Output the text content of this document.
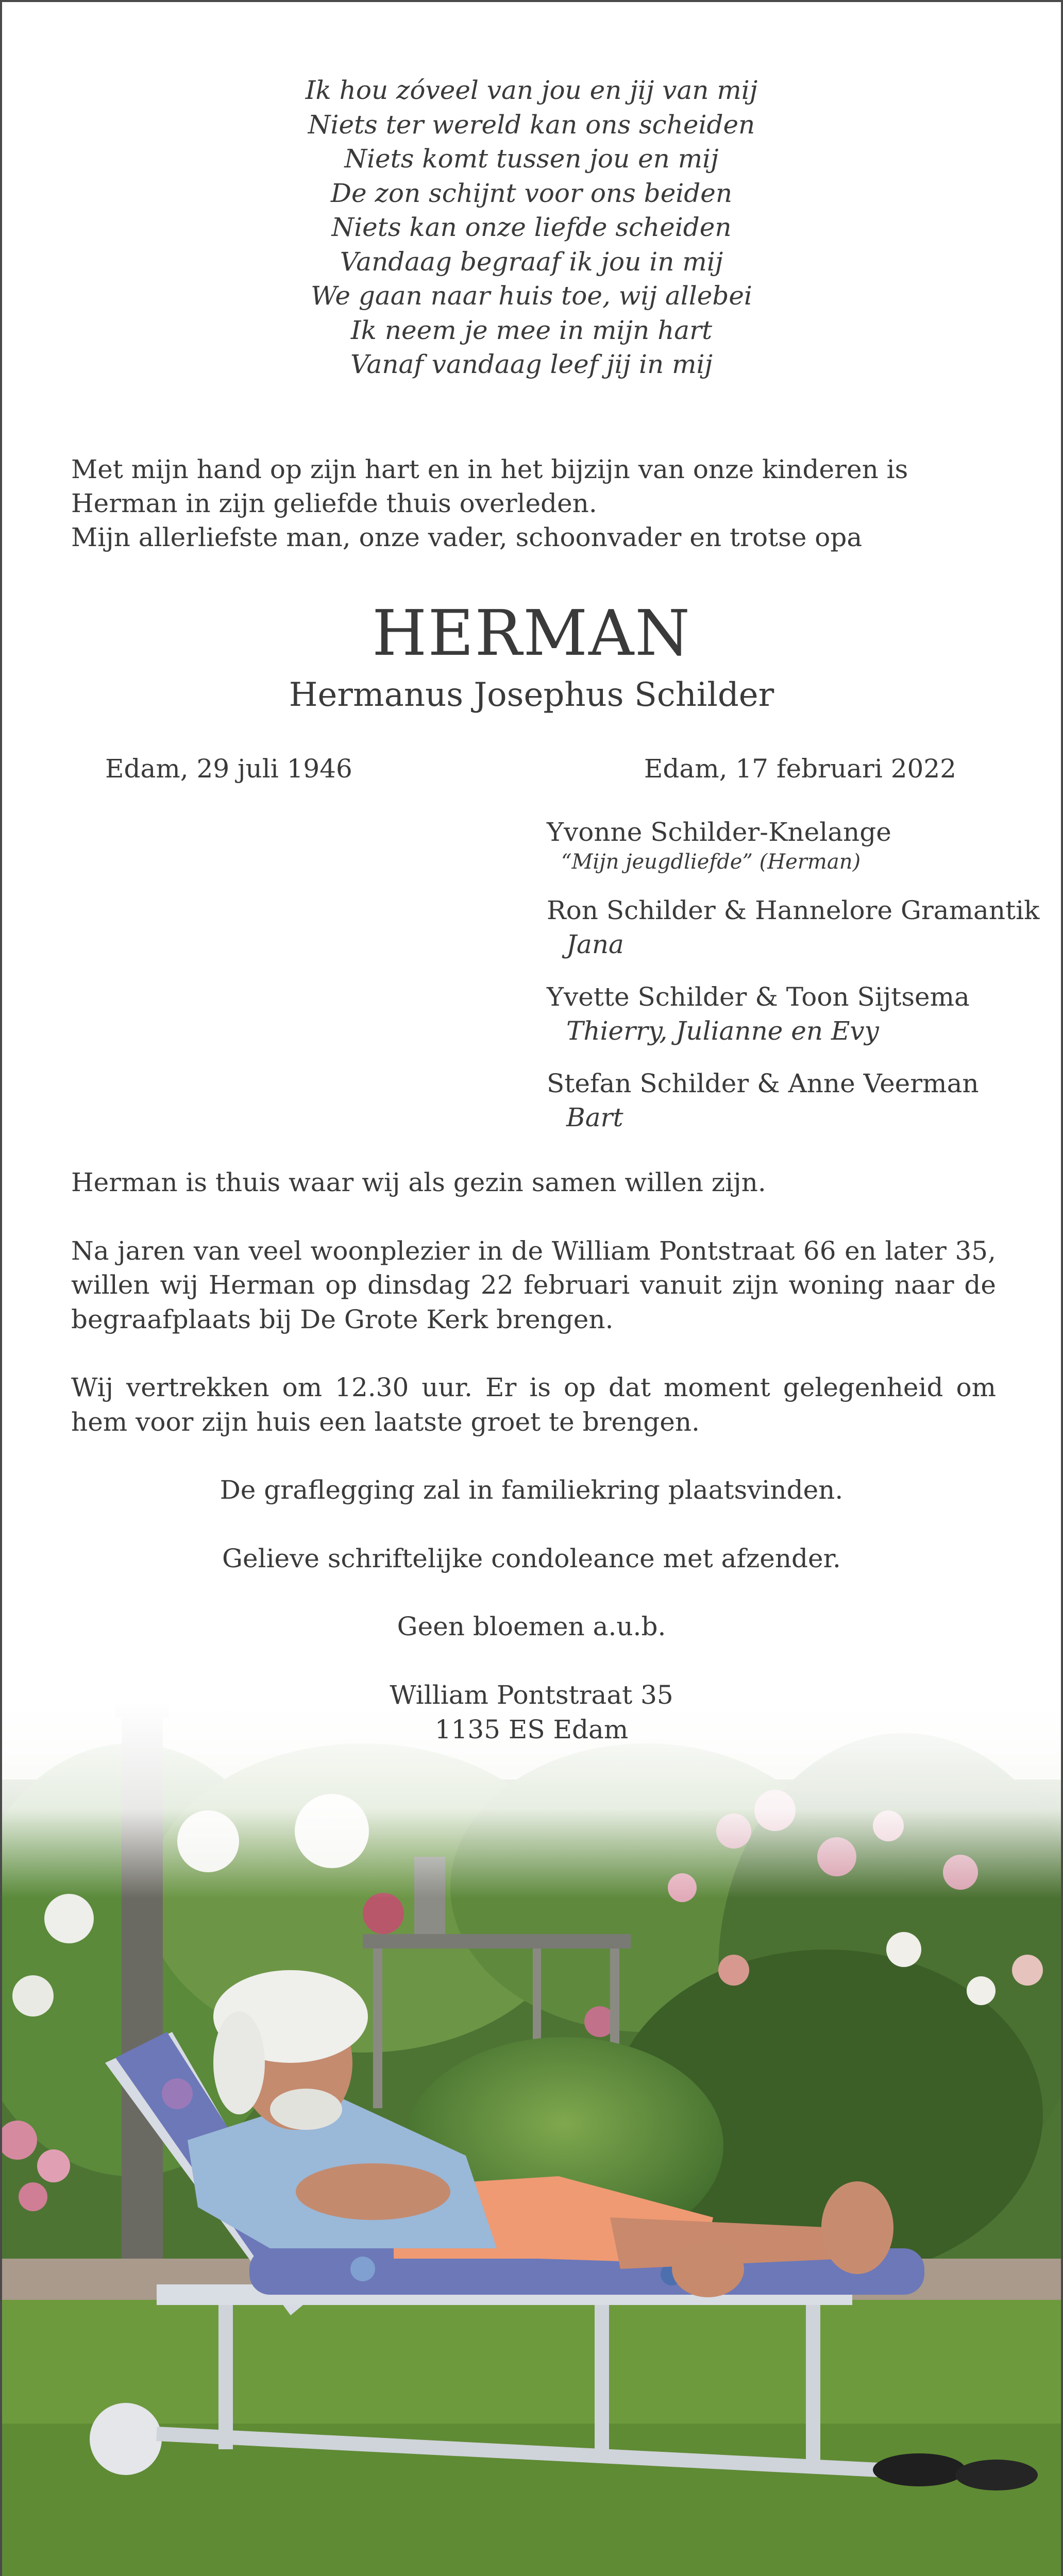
Ik hou zóveel van jou en jij van mij
Niets ter wereld kan ons scheiden
Niets komt tussen jou en mij
De zon schijnt voor ons beiden
Niets kan onze liefde scheiden
Vandaag begraaf ik jou in mij
We gaan naar huis toe, wij allebei
Ik neem je mee in mijn hart
Vanaf vandaag leef jij in mij

Met mijn hand op zijn hart en in het bijzijn van onze kinderen is Herman in zijn geliefde thuis overleden.

Mijn allerliefste man, onze vader, schoonvader en trotse opa

HERMAN
Hermanus Josephus Schilder
Edam, 29 juli 1946	Edam, 17 februari 2022
Yvonne Schilder-Knelange
“Mijn jeugdliefde” (Herman)
Ron Schilder & Hannelore Gramantik
Jana
Yvette Schilder & Toon Sijtsema
Thierry, Julianne en Evy
Stefan Schilder & Anne Veerman
Bart

Herman is thuis waar wij als gezin samen willen zijn.

Na jaren van veel woonplezier in de William Pontstraat 66 en later 35, willen wij Herman op dinsdag 22 februari vanuit zijn woning naar de begraafplaats bij De Grote Kerk brengen.

Wij vertrekken om 12.30 uur. Er is op dat moment gelegenheid om hem voor zijn huis een laatste groet te brengen.

De graflegging zal in familiekring plaatsvinden.

Gelieve schriftelijke condoleance met afzender.

Geen bloemen a.u.b.

William Pontstraat 35
1135 ES Edam
